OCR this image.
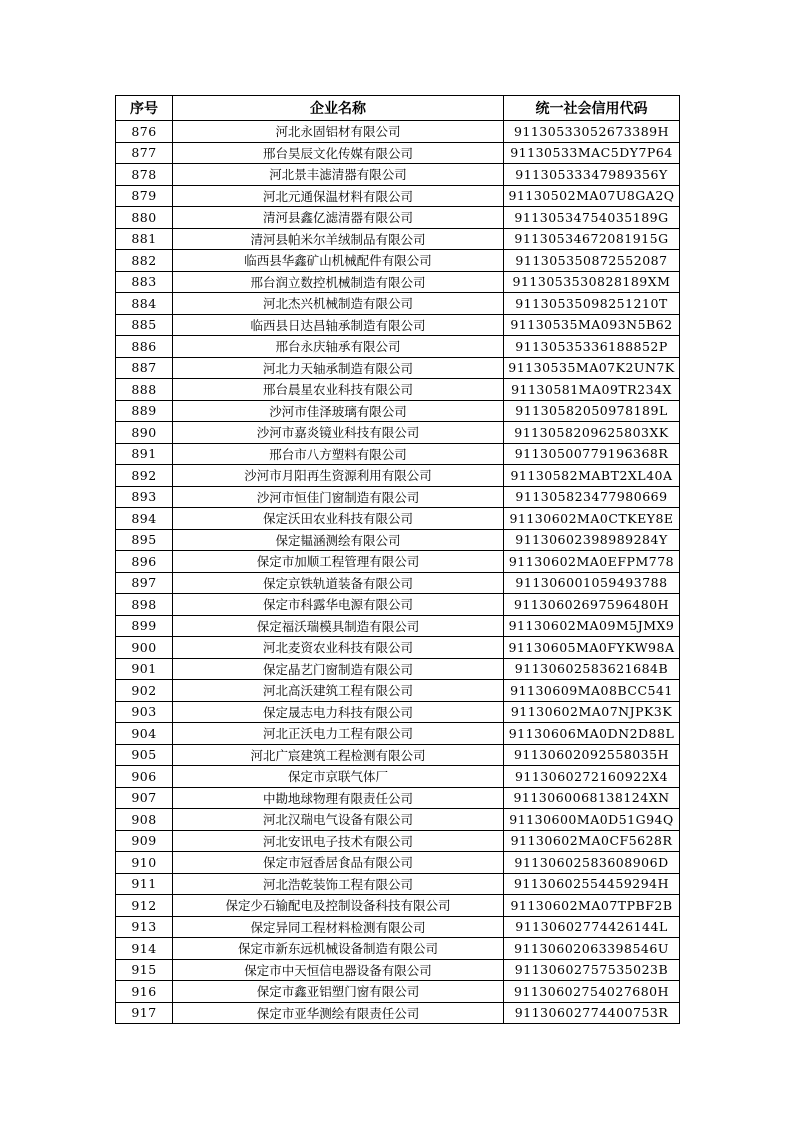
序号	企业名称	统一社会信用代码
876	河北永固铝材有限公司	91130533052673389H
877	邢台昊辰文化传媒有限公司	91130533MAC5DY7P64
878	河北景丰滤清器有限公司	91130533347989356Y
879	河北元通保温材料有限公司	91130502MA07U8GA2Q
880	清河县鑫亿滤清器有限公司	91130534754035189G
881	清河县帕米尔羊绒制品有限公司	91130534672081915G
882	临西县华鑫矿山机械配件有限公司	911305350872552087
883	邢台润立数控机械制造有限公司	9113053530828189XM
884	河北杰兴机械制造有限公司	91130535098251210T
885	临西县日达昌轴承制造有限公司	91130535MA093N5B62
886	邢台永庆轴承有限公司	91130535336188852P
887	河北力天轴承制造有限公司	91130535MA07K2UN7K
888	邢台晨星农业科技有限公司	91130581MA09TR234X
889	沙河市佳泽玻璃有限公司	91130582050978189L
890	沙河市嘉炎镜业科技有限公司	9113058209625803XK
891	邢台市八方塑料有限公司	91130500779196368R
892	沙河市月阳再生资源利用有限公司	91130582MABT2XL40A
893	沙河市恒佳门窗制造有限公司	911305823477980669
894	保定沃田农业科技有限公司	91130602MA0CTKEY8E
895	保定韫涵测绘有限公司	91130602398989284Y
896	保定市加顺工程管理有限公司	91130602MA0EFPM778
897	保定京铁轨道装备有限公司	911306001059493788
898	保定市科露华电源有限公司	91130602697596480H
899	保定福沃瑞模具制造有限公司	91130602MA09M5JMX9
900	河北麦资农业科技有限公司	91130605MA0FYKW98A
901	保定晶艺门窗制造有限公司	91130602583621684B
902	河北高沃建筑工程有限公司	91130609MA08BCC541
903	保定晟志电力科技有限公司	91130602MA07NJPK3K
904	河北正沃电力工程有限公司	91130606MA0DN2D88L
905	河北广宸建筑工程检测有限公司	91130602092558035H
906	保定市京联气体厂	9113060272160922X4
907	中勘地球物理有限责任公司	9113060068138124XN
908	河北汉瑞电气设备有限公司	91130600MA0D51G94Q
909	河北安讯电子技术有限公司	91130602MA0CF5628R
910	保定市冠香居食品有限公司	91130602583608906D
911	河北浩乾装饰工程有限公司	91130602554459294H
912	保定少石输配电及控制设备科技有限公司	91130602MA07TPBF2B
913	保定异同工程材料检测有限公司	91130602774426144L
914	保定市新东远机械设备制造有限公司	91130602063398546U
915	保定市中天恒信电器设备有限公司	91130602757535023B
916	保定市鑫亚铝塑门窗有限公司	91130602754027680H
917	保定市亚华测绘有限责任公司	91130602774400753R
